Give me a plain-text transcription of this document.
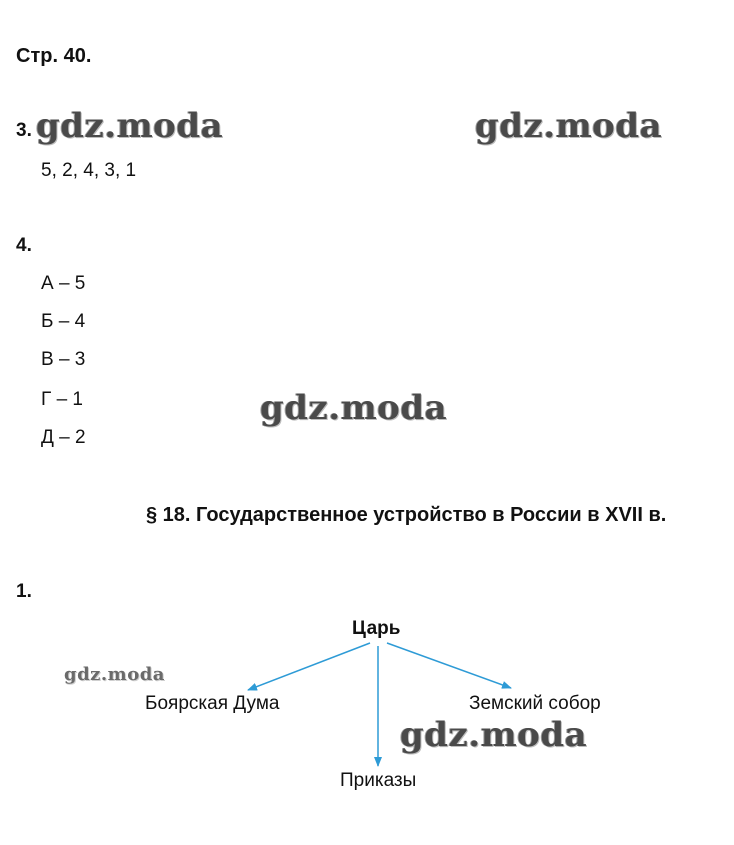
Стр. 40.
3.
5, 2, 4, 3, 1
4.
А – 5
Б – 4
В – 3
Г – 1
Д – 2
§ 18. Государственное устройство в России в XVII в.
1.
Царь
Боярская Дума
Приказы
Земский собор
gdz.moda	gdz.moda
gdz.moda
gdz.moda
gdz.moda
